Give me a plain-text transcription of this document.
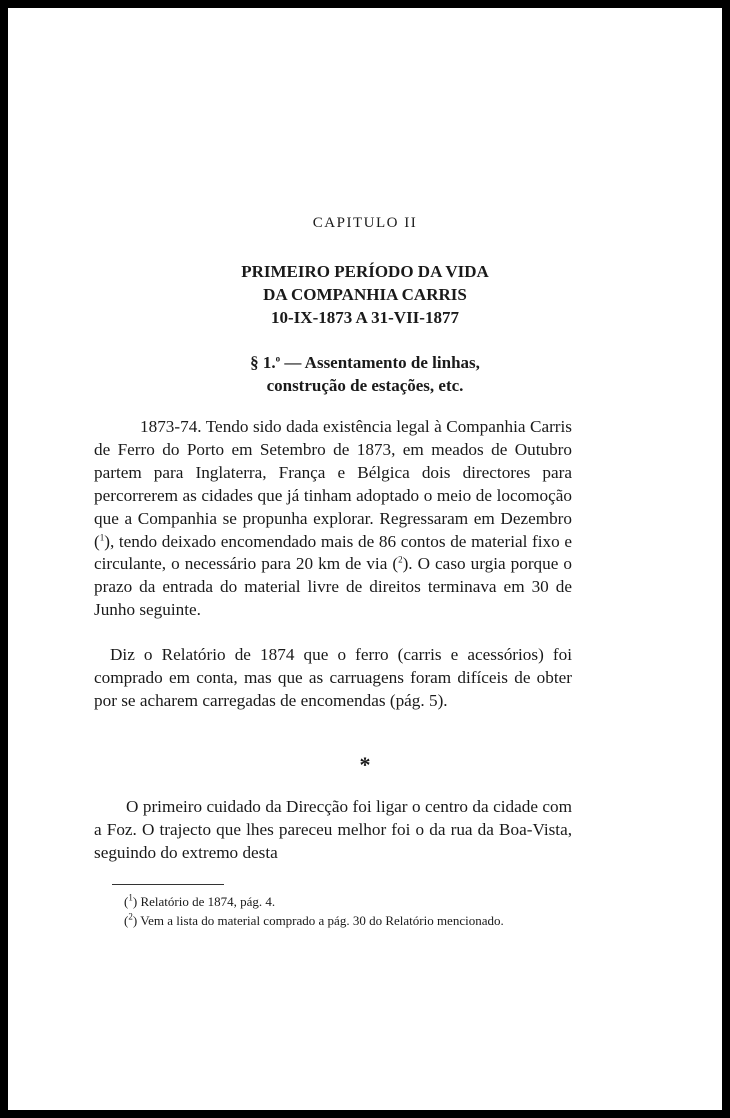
CAPITULO II
PRIMEIRO PERÍODO DA VIDA
DA COMPANHIA CARRIS
10-IX-1873 A 31-VII-1877
§ 1.$^o$ — Assentamento de linhas,
construção de estações, etc.

1873-74. Tendo sido dada existência legal à Companhia Carris de Ferro do Porto em Setembro de 1873, em meados de Outubro partem para Inglaterra, França e Bélgica dois directores para percorrerem as cidades que já tinham adoptado o meio de locomoção que a Companhia se propunha explorar. Regressaram em Dezembro ($^1$), tendo deixado encomendado mais de 86 contos de material fixo e circulante, o necessário para 20 km de via ($^2$). O caso urgia porque o prazo da entrada do material livre de direitos terminava em 30 de Junho seguinte.

Diz o Relatório de 1874 que o ferro (carris e acessórios) foi comprado em conta, mas que as carruagens foram difíceis de obter por se acharem carregadas de encomendas (pág. 5).

*

O primeiro cuidado da Direcção foi ligar o centro da cidade com a Foz. O trajecto que lhes pareceu melhor foi o da rua da Boa-Vista, seguindo do extremo desta

($^1$) Relatório de 1874, pág. 4.

($^2$) Vem a lista do material comprado a pág. 30 do Relatório mencionado.
